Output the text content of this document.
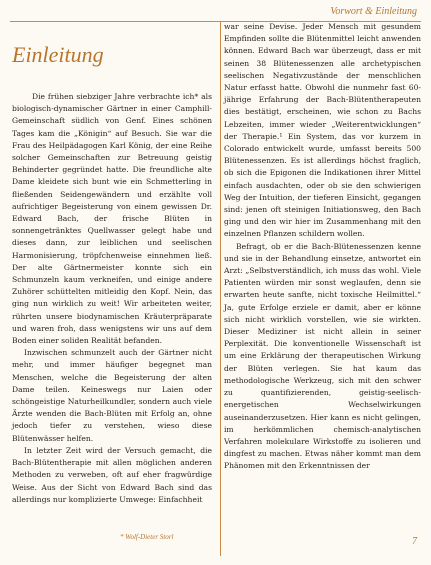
Vorwort & Einleitung
Einleitung

Die frühen siebziger Jahre verbrachte ich* als biologisch-dynamischer Gärtner in einer Camphill-Gemeinschaft südlich von Genf. Eines schönen Tages kam die „Königin“ auf Besuch. Sie war die Frau des Heilpädagogen Karl König, der eine Reihe solcher Gemeinschaften zur Betreuung geistig Behinderter gegründet hatte. Die freundliche alte Dame kleidete sich bunt wie ein Schmetterling in fließenden Seidengewändern und erzählte voll aufrichtiger Begeisterung von einem gewissen Dr. Edward Bach, der frische Blüten in sonnengetränktes Quellwasser gelegt habe und dieses dann, zur leiblichen und seelischen Harmonisierung, tröpfchenweise einnehmen ließ. Der alte Gärtnermeister konnte sich ein Schmunzeln kaum verkneifen, und einige andere Zuhörer schüttelten mitleidig den Kopf. Nein, das ging nun wirklich zu weit! Wir arbeiteten weiter, rührten unsere biodynamischen Kräuterpräparate und waren froh, dass wenigstens wir uns auf dem Boden einer soliden Realität befanden.

Inzwischen schmunzelt auch der Gärtner nicht mehr, und immer häufiger begegnet man Menschen, welche die Begeisterung der alten Dame teilen. Keineswegs nur Laien oder schöngeistige Naturheilkundler, sondern auch viele Ärzte wenden die Bach-Blüten mit Erfolg an, ohne jedoch tiefer zu verstehen, wieso diese Blütenwässer helfen.

In letzter Zeit wird der Versuch gemacht, die Bach-Blütentherapie mit allen möglichen anderen Methoden zu verweben, oft auf eher fragwürdige Weise. Aus der Sicht von Edward Bach sind das allerdings nur komplizierte Umwege: Einfachheit

war seine Devise. Jeder Mensch mit gesundem Empfinden sollte die Blütenmittel leicht anwenden können. Edward Bach war überzeugt, dass er mit seinen 38 Blütenessenzen alle archetypischen seelischen Negativzustände der menschlichen Natur erfasst hatte. Obwohl die nunmehr fast 60-jährige Erfahrung der Bach-Blütentherapeuten dies bestätigt, erscheinen, wie schon zu Bachs Lebzeiten, immer wieder „Weiterentwicklungen“ der Therapie.¹ Ein System, das vor kurzem in Colorado entwickelt wurde, umfasst bereits 500 Blütenessenzen. Es ist allerdings höchst fraglich, ob sich die Epigonen die Indikationen ihrer Mittel einfach ausdachten, oder ob sie den schwierigen Weg der Intuition, der tieferen Einsicht, gegangen sind: jenen oft steinigen Initiationsweg, den Bach ging und den wir hier im Zusammenhang mit den einzelnen Pflanzen schildern wollen.

Befragt, ob er die Bach-Blütenessenzen kenne und sie in der Behandlung einsetze, antwortet ein Arzt: „Selbstverständlich, ich muss das wohl. Viele Patienten würden mir sonst weglaufen, denn sie erwarten heute sanfte, nicht toxische Heilmittel.“ Ja, gute Erfolge erziele er damit, aber er könne sich nicht wirklich vorstellen, wie sie wirkten. Dieser Mediziner ist nicht allein in seiner Perplexität. Die konventionelle Wissenschaft ist um eine Erklärung der therapeutischen Wirkung der Blüten verlegen. Sie hat kaum das methodologische Werkzeug, sich mit den schwer zu quantifizierenden, geistig-seelisch-energetischen Wechselwirkungen auseinanderzusetzen. Hier kann es nicht gelingen, im herkömmlichen chemisch-analytischen Verfahren molekulare Wirkstoffe zu isolieren und dingfest zu machen. Etwas näher kommt man dem Phänomen mit den Erkenntnissen der

* Wolf-Dieter Storl	7
